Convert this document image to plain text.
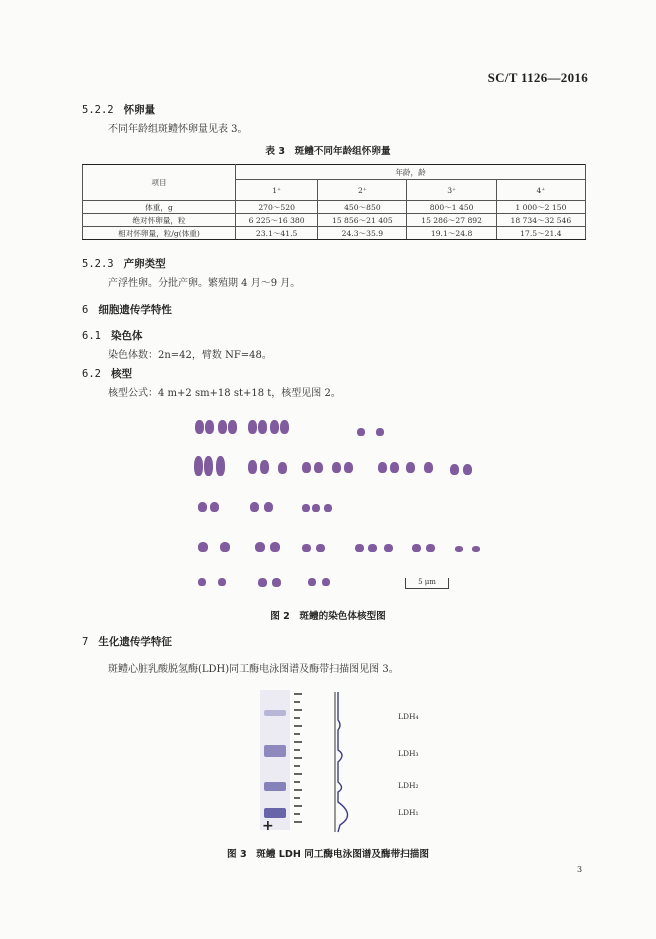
SC/T 1126—2016
5.2.2 怀卵量
不同年龄组斑鳢怀卵量见表 3。
表 3　斑鳢不同年龄组怀卵量
项目	年龄，龄			
	1⁺	2⁺	3⁺	4⁺
体重，g	270～520	450～850	800～1 450	1 000～2 150
绝对怀卵量，粒	6 225～16 380	15 856～21 405	15 286～27 892	18 734～32 546
相对怀卵量，粒/g(体重)	23.1～41.5	24.3～35.9	19.1～24.8	17.5～21.4
5.2.3 产卵类型
产浮性卵。分批产卵。繁殖期 4 月～9 月。
6 细胞遗传学特性
6.1 染色体
染色体数：2n=42，臂数 NF=48。
6.2 核型
核型公式：4 m+2 sm+18 st+18 t，核型见图 2。
5 μm
图 2　斑鳢的染色体核型图
7 生化遗传学特征
斑鳢心脏乳酸脱氢酶(LDH)同工酶电泳图谱及酶带扫描图见图 3。
+
LDH₄
LDH₃
LDH₂
LDH₁
图 3　斑鳢 LDH 同工酶电泳图谱及酶带扫描图
3
